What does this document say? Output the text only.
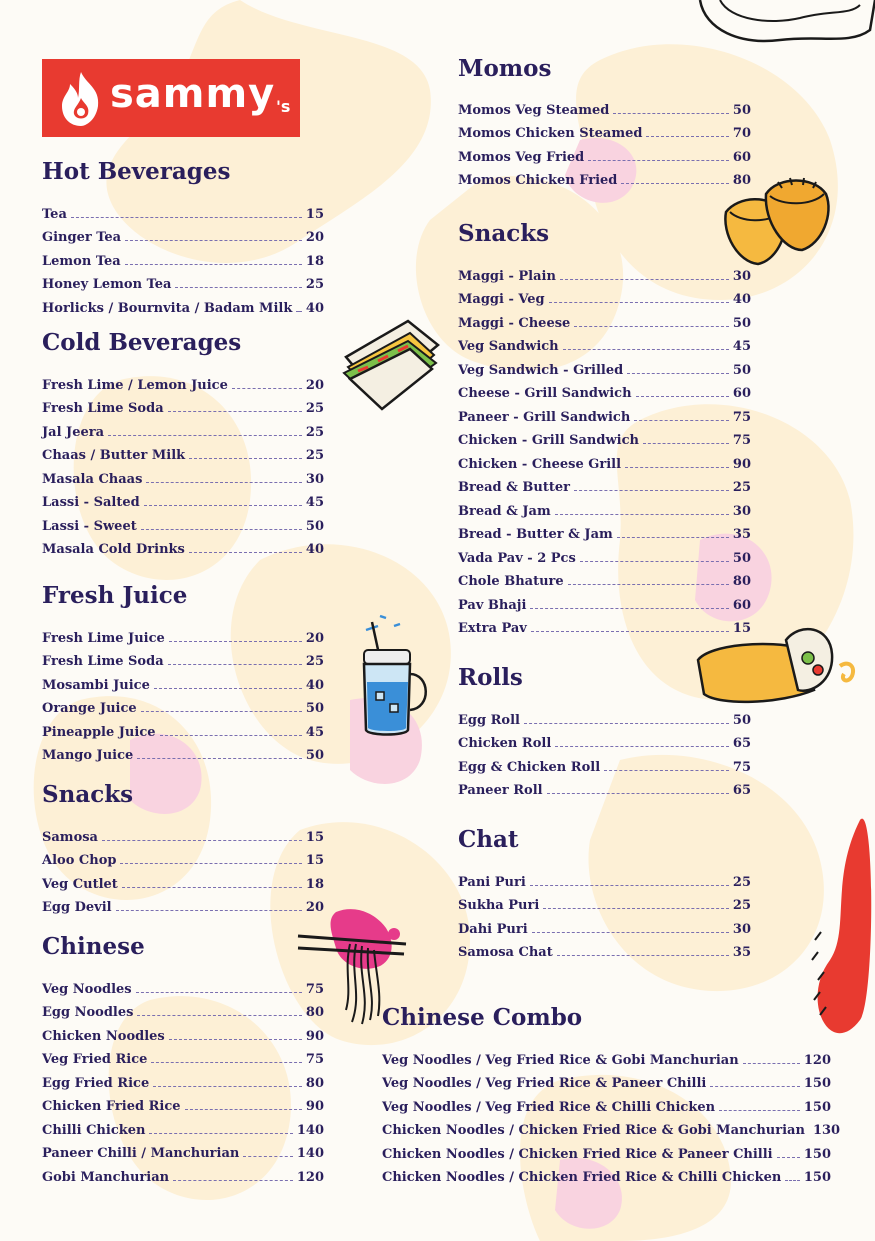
sammy 's
Hot Beverages
Tea	15
Ginger Tea	20
Lemon Tea	18
Honey Lemon Tea	25
Horlicks / Bournvita / Badam Milk 40
Cold Beverages
Fresh Lime / Lemon Juice	20
Fresh Lime Soda	25
Jal Jeera	25
Chaas / Butter Milk	25
Masala Chaas	30
Lassi - Salted	45
Lassi - Sweet	50
Masala Cold Drinks	40
Fresh Juice
Fresh Lime Juice	20
Fresh Lime Soda	25
Mosambi Juice	40
Orange Juice	50
Pineapple Juice	45
Mango Juice	50
Snacks
Samosa	15
Aloo Chop	15
Veg Cutlet	18
Egg Devil	20
Chinese
Veg Noodles	75
Egg Noodles	80
Chicken Noodles	90
Veg Fried Rice	75
Egg Fried Rice	80
Chicken Fried Rice	90
Chilli Chicken	140
Paneer Chilli / Manchurian	140
Gobi Manchurian	120
Momos
Momos Veg Steamed	50
Momos Chicken Steamed	70
Momos Veg Fried	60
Momos Chicken Fried	80
Snacks
Maggi - Plain	30
Maggi - Veg	40
Maggi - Cheese	50
Veg Sandwich	45
Veg Sandwich - Grilled	50
Cheese - Grill Sandwich	60
Paneer - Grill Sandwich	75
Chicken - Grill Sandwich	75
Chicken - Cheese Grill	90
Bread & Butter	25
Bread & Jam	30
Bread - Butter & Jam	35
Vada Pav - 2 Pcs	50
Chole Bhature	80
Pav Bhaji	60
Extra Pav	15
Rolls
Egg Roll	50
Chicken Roll	65
Egg & Chicken Roll	75
Paneer Roll	65
Chat
Pani Puri	25
Sukha Puri	25
Dahi Puri	30
Samosa Chat	35
Chinese Combo
Veg Noodles / Veg Fried Rice & Gobi Manchurian	120
Veg Noodles / Veg Fried Rice & Paneer Chilli	150
Veg Noodles / Veg Fried Rice & Chilli Chicken	150
Chicken Noodles / Chicken Fried Rice & Gobi Manchurian 130
Chicken Noodles / Chicken Fried Rice & Paneer Chilli 150
Chicken Noodles / Chicken Fried Rice & Chilli Chicken 150
